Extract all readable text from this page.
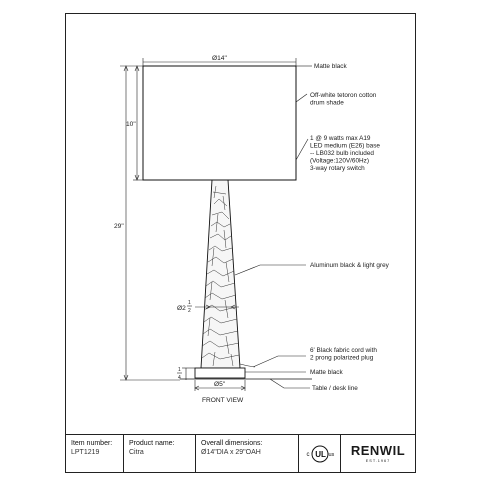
Ø14"
29"
10"
Ø2
1
2
1
4
Ø5"
FRONT VIEW
Matte black
Off-white tetoron cotton
drum shade
1 @ 9 watts max A19
LED medium (E26) base
-- LB032 bulb included
(Voltage:120V/60Hz)
3-way rotary switch
Aluminum black & light grey
6' Black fabric cord with
2 prong polarized plug
Matte black
Table / desk line
Item number:
LPT1219
Product name:
Citra
Overall dimensions:
Ø14"DIA x 29"OAH	UL
c	us RENWIL
EST.1967
